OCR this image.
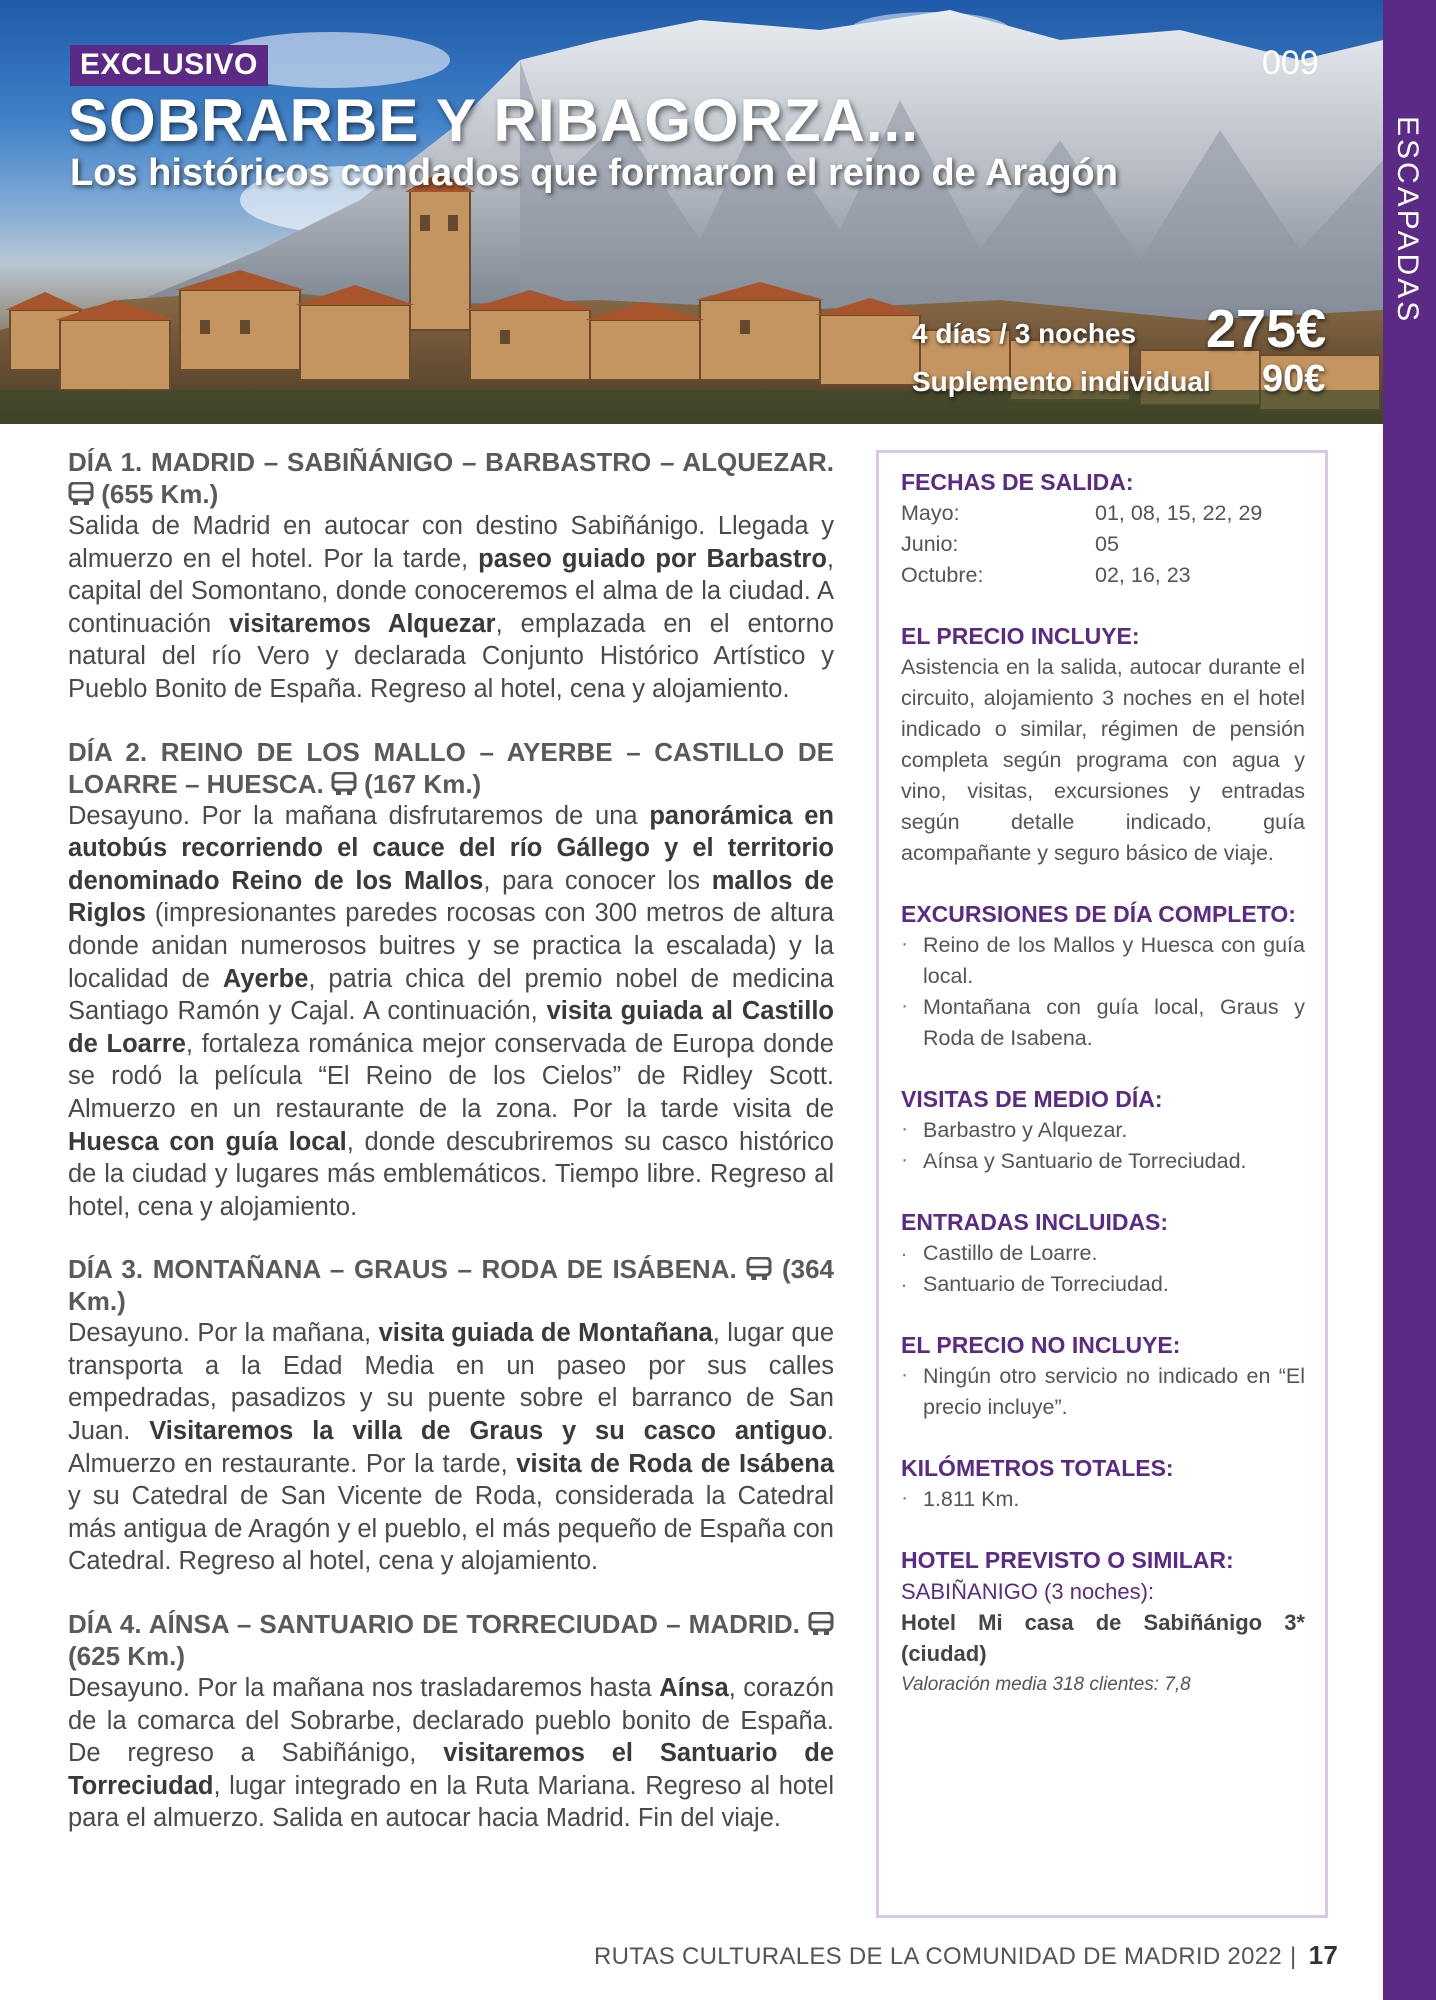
EXCLUSIVO	009
SOBRARBE Y RIBAGORZA...
Los históricos condados que formaron el reino de Aragón
4 días / 3 noches 275€
Suplemento individual 90€
ESCAPADAS

DÍA 1. MADRID – SABIÑÁNIGO – BARBASTRO – ALQUEZAR.  (655 Km.)

Salida de Madrid en autocar con destino Sabiñánigo. Llegada y almuerzo en el hotel. Por la tarde, paseo guiado por Barbastro, capital del Somontano, donde conoceremos el alma de la ciudad. A continuación visitaremos Alquezar, emplazada en el entorno natural del río Vero y declarada Conjunto Histórico Artístico y Pueblo Bonito de España. Regreso al hotel, cena y alojamiento.

DÍA 2. REINO DE LOS MALLO – AYERBE – CASTILLO DE LOARRE – HUESCA. (167 Km.)

Desayuno. Por la mañana disfrutaremos de una panorámica en autobús recorriendo el cauce del río Gállego y el territorio denominado Reino de los Mallos, para conocer los mallos de Riglos (impresionantes paredes rocosas con 300 metros de altura donde anidan numerosos buitres y se practica la escalada) y la localidad de Ayerbe, patria chica del premio nobel de medicina Santiago Ramón y Cajal. A continuación, visita guiada al Castillo de Loarre, fortaleza románica mejor conservada de Europa donde se rodó la película “El Reino de los Cielos” de Ridley Scott. Almuerzo en un restaurante de la zona. Por la tarde visita de Huesca con guía local, donde descubriremos su casco histórico de la ciudad y lugares más emblemáticos. Tiempo libre. Regreso al hotel, cena y alojamiento.

DÍA 3. MONTAÑANA – GRAUS – RODA DE ISÁBENA. (364 Km.)

Desayuno. Por la mañana, visita guiada de Montañana, lugar que transporta a la Edad Media en un paseo por sus calles empedradas, pasadizos y su puente sobre el barranco de San Juan. Visitaremos la villa de Graus y su casco antiguo. Almuerzo en restaurante. Por la tarde, visita de Roda de Isábena y su Catedral de San Vicente de Roda, considerada la Catedral más antigua de Aragón y el pueblo, el más pequeño de España con Catedral. Regreso al hotel, cena y alojamiento.

DÍA 4. AÍNSA – SANTUARIO DE TORRECIUDAD – MADRID.  (625 Km.)

Desayuno. Por la mañana nos trasladaremos hasta Aínsa, corazón de la comarca del Sobrarbe, declarado pueblo bonito de España. De regreso a Sabiñánigo, visitaremos el Santuario de Torreciudad, lugar integrado en la Ruta Mariana. Regreso al hotel para el almuerzo. Salida en autocar hacia Madrid. Fin del viaje.

FECHAS DE SALIDA:

Mayo:	01, 08, 15, 22, 29
Junio:	05
Octubre:	02, 16, 23

EL PRECIO INCLUYE:

Asistencia en la salida, autocar durante el circuito, alojamiento 3 noches en el hotel indicado o similar, régimen de pensión completa según programa con agua y vino, visitas, excursiones y entradas según detalle indicado, guía acompañante y seguro básico de viaje.

EXCURSIONES DE DÍA COMPLETO:

· Reino de los Mallos y Huesca con guía local.
· Montañana con guía local, Graus y Roda de Isabena.

VISITAS DE MEDIO DÍA:

· Barbastro y Alquezar.
· Aínsa y Santuario de Torreciudad.

ENTRADAS INCLUIDAS:

. Castillo de Loarre.
. Santuario de Torreciudad.

EL PRECIO NO INCLUYE:

· Ningún otro servicio no indicado en “El precio incluye”.

KILÓMETROS TOTALES:

· 1.811 Km.

HOTEL PREVISTO O SIMILAR:

SABIÑANIGO (3 noches):

Hotel Mi casa de Sabiñánigo 3* (ciudad)

Valoración media 318 clientes: 7,8

RUTAS CULTURALES DE LA COMUNIDAD DE MADRID 2022 | 17
